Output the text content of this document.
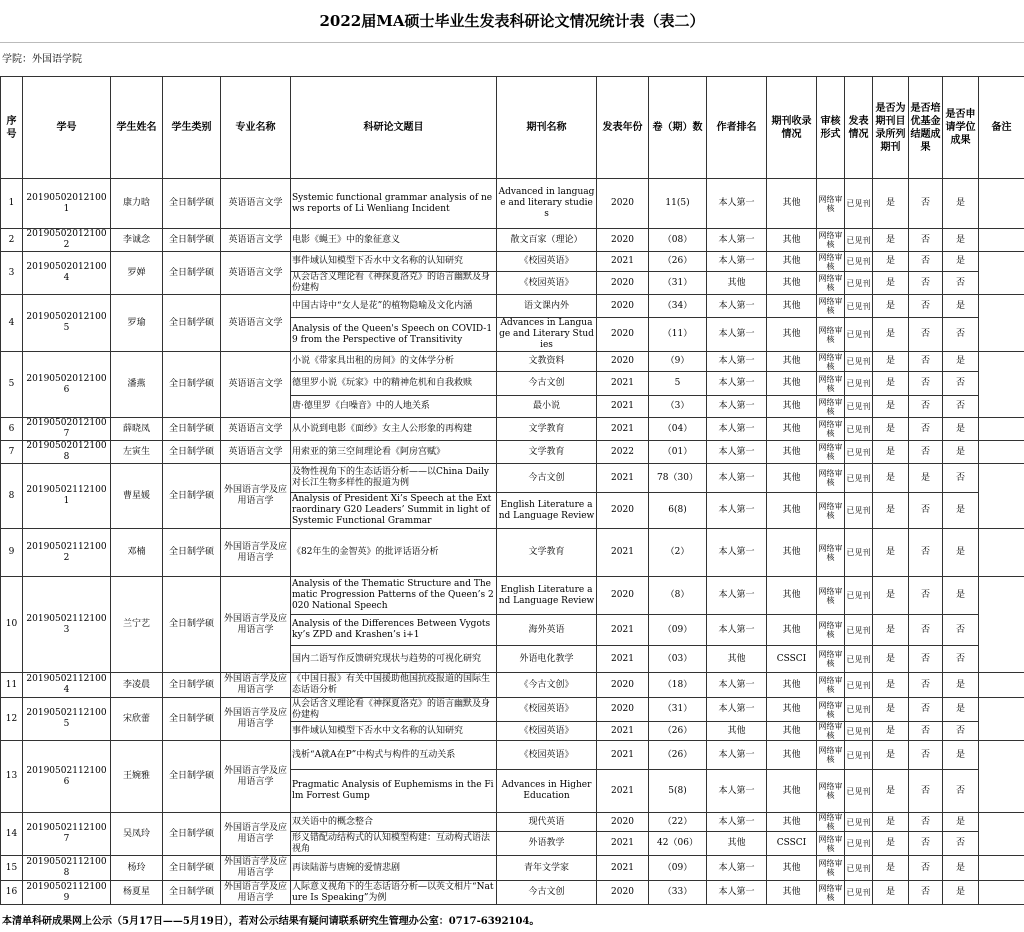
2022届MA硕士毕业生发表科研论文情况统计表（表二）
学院：外国语学院
序号	学号	学生姓名	学生类别	专业名称	科研论文题目	期刊名称	发表年份	卷（期）数	作者排名	期刊收录情况	审核形式	发表情况	是否为期刊目录所列期刊	是否培优基金结题成果	是否申请学位成果	备注
1	201905020121001	康力晗	全日制学硕	英语语言文学	Systemic functional grammar analysis of news reports of Li Wenliang Incident	Advanced in language and literary studies	2020	11(5)	本人第一	其他	网络审核	已见刊	是	否	是	
2	201905020121002	李诚念	全日制学硕	英语语言文学	电影《蝇王》中的象征意义	散文百家（理论）	2020	（08）	本人第一	其他	网络审核	已见刊	是	否	是	
3	201905020121004	罗婵	全日制学硕	英语语言文学	事件域认知模型下否水中文名称的认知研究	《校园英语》	2021	（26）	本人第一	其他	网络审核	已见刊	是	否	是	
					从会话含义理论看《神探夏洛克》的语言幽默及身份建构	《校园英语》	2020	（31）	其他	其他	网络审核	已见刊	是	否	否	
4	201905020121005	罗瑜	全日制学硕	英语语言文学	中国古诗中“女人是花”的植物隐喻及文化内涵	语文课内外	2020	（34）	本人第一	其他	网络审核	已见刊	是	否	是	
					Analysis of the Queen's Speech on COVID-19 from the Perspective of Transitivity	Advances in Language and Literary Studies	2020	（11）	本人第一	其他	网络审核	已见刊	是	否	否	
5	201905020121006	潘燕	全日制学硕	英语语言文学	小说《带家具出租的房间》的文体学分析	文教资料	2020	（9）	本人第一	其他	网络审核	已见刊	是	否	是	
					德里罗小说《玩家》中的精神危机和自我救赎	今古文创	2021	5	本人第一	其他	网络审核	已见刊	是	否	否	
					唐·德里罗《白噪音》中的人地关系	最小说	2021	（3）	本人第一	其他	网络审核	已见刊	是	否	否	
6	201905020121007	薛晓凤	全日制学硕	英语语言文学	从小说到电影《面纱》女主人公形象的再构建	文学教育	2021	（04）	本人第一	其他	网络审核	已见刊	是	否	是	
7	201905020121008	左寅生	全日制学硕	英语语言文学	用索亚的第三空间理论看《阿房宫赋》	文学教育	2022	（01）	本人第一	其他	网络审核	已见刊	是	否	是	
8	201905021121001	曹星媛	全日制学硕	外国语言学及应用语言学	及物性视角下的生态话语分析——以China Daily 对长江生物多样性的报道为例	今古文创	2021	78（30）	本人第一	其他	网络审核	已见刊	是	是	否	
					Analysis of President Xi’s Speech at the Extraordinary G20 Leaders’ Summit in light of Systemic Functional Grammar	English Literature and Language Review	2020	6(8)	本人第一	其他	网络审核	已见刊	是	否	是	
9	201905021121002	邓楠	全日制学硕	外国语言学及应用语言学	《82年生的金智英》的批评话语分析	文学教育	2021	（2）	本人第一	其他	网络审核	已见刊	是	否	是	
10	201905021121003	兰宁艺	全日制学硕	外国语言学及应用语言学	Analysis of the Thematic Structure and Thematic Progression Patterns of the Queen’s 2020 National Speech	English Literature and Language Review	2020	（8）	本人第一	其他	网络审核	已见刊	是	否	是	
					Analysis of the Differences Between Vygotsky’s ZPD and Krashen’s i+1	海外英语	2021	（09）	本人第一	其他	网络审核	已见刊	是	否	否	
					国内二语写作反馈研究现状与趋势的可视化研究	外语电化教学	2021	（03）	其他	CSSCI	网络审核	已见刊	是	否	否	
11	201905021121004	李凌晨	全日制学硕	外国语言学及应用语言学	《中国日报》有关中国援助他国抗疫报道的国际生态话语分析	《今古文创》	2020	（18）	本人第一	其他	网络审核	已见刊	是	否	是	
12	201905021121005	宋欣蕾	全日制学硕	外国语言学及应用语言学	从会话含义理论看《神探夏洛克》的语言幽默及身份建构	《校园英语》	2020	（31）	本人第一	其他	网络审核	已见刊	是	否	是	
					事件域认知模型下否水中文名称的认知研究	《校园英语》	2021	（26）	其他	其他	网络审核	已见刊	是	否	否	
13	201905021121006	王婉雅	全日制学硕	外国语言学及应用语言学	浅析“A就A在P”中构式与构件的互动关系	《校园英语》	2021	（26）	本人第一	其他	网络审核	已见刊	是	否	是	
					Pragmatic Analysis of Euphemisms in the Film Forrest Gump	Advances in Higher Education	2021	5(8)	本人第一	其他	网络审核	已见刊	是	否	否	
14	201905021121007	吴凤玲	全日制学硕	外国语言学及应用语言学	双关语中的概念整合	现代英语	2020	（22）	本人第一	其他	网络审核	已见刊	是	否	是	
					形义错配动结构式的认知模型构建：互动构式语法视角	外语教学	2021	42（06）	其他	CSSCI	网络审核	已见刊	是	否	否	
15	201905021121008	杨玲	全日制学硕	外国语言学及应用语言学	再读陆游与唐婉的爱情悲剧	青年文学家	2021	（09）	本人第一	其他	网络审核	已见刊	是	否	是	
16	201905021121009	杨夏星	全日制学硕	外国语言学及应用语言学	人际意义视角下的生态话语分析—以英文相片“Nature Is Speaking”为例	今古文创	2020	（33）	本人第一	其他	网络审核	已见刊	是	否	是	
本清单科研成果网上公示（5月17日——5月19日），若对公示结果有疑问请联系研究生管理办公室：0717-6392104。
